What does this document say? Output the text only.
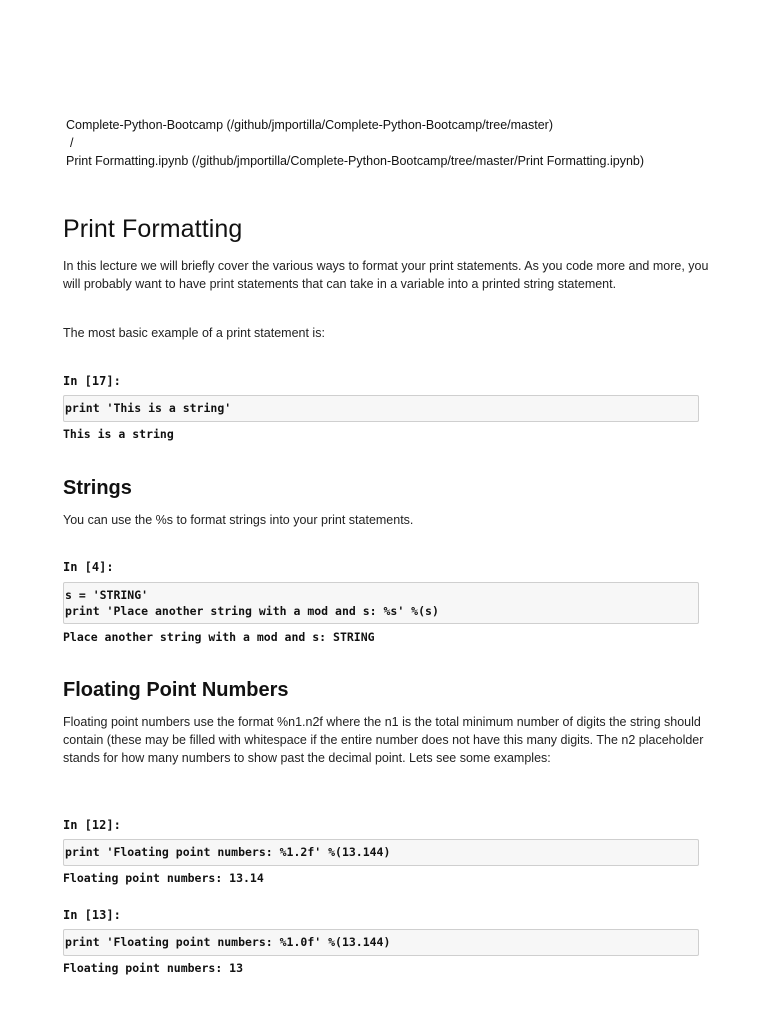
Complete-Python-Bootcamp (/github/jmportilla/Complete-Python-Bootcamp/tree/master)
/
Print Formatting.ipynb (/github/jmportilla/Complete-Python-Bootcamp/tree/master/Print Formatting.ipynb)
Print Formatting

In this lecture we will briefly cover the various ways to format your print statements. As you code more and more, you will probably want to have print statements that can take in a variable into a printed string statement.

The most basic example of a print statement is:

In [17]:
print 'This is a string'
This is a string
Strings

You can use the %s to format strings into your print statements.

In [4]:
s = 'STRING'
print 'Place another string with a mod and s: %s' %(s)
Place another string with a mod and s: STRING
Floating Point Numbers

Floating point numbers use the format %n1.n2f where the n1 is the total minimum number of digits the string should contain (these may be filled with whitespace if the entire number does not have this many digits. The n2 placeholder stands for how many numbers to show past the decimal point. Lets see some examples:

In [12]:
print 'Floating point numbers: %1.2f' %(13.144)
Floating point numbers: 13.14
In [13]:
print 'Floating point numbers: %1.0f' %(13.144)
Floating point numbers: 13
